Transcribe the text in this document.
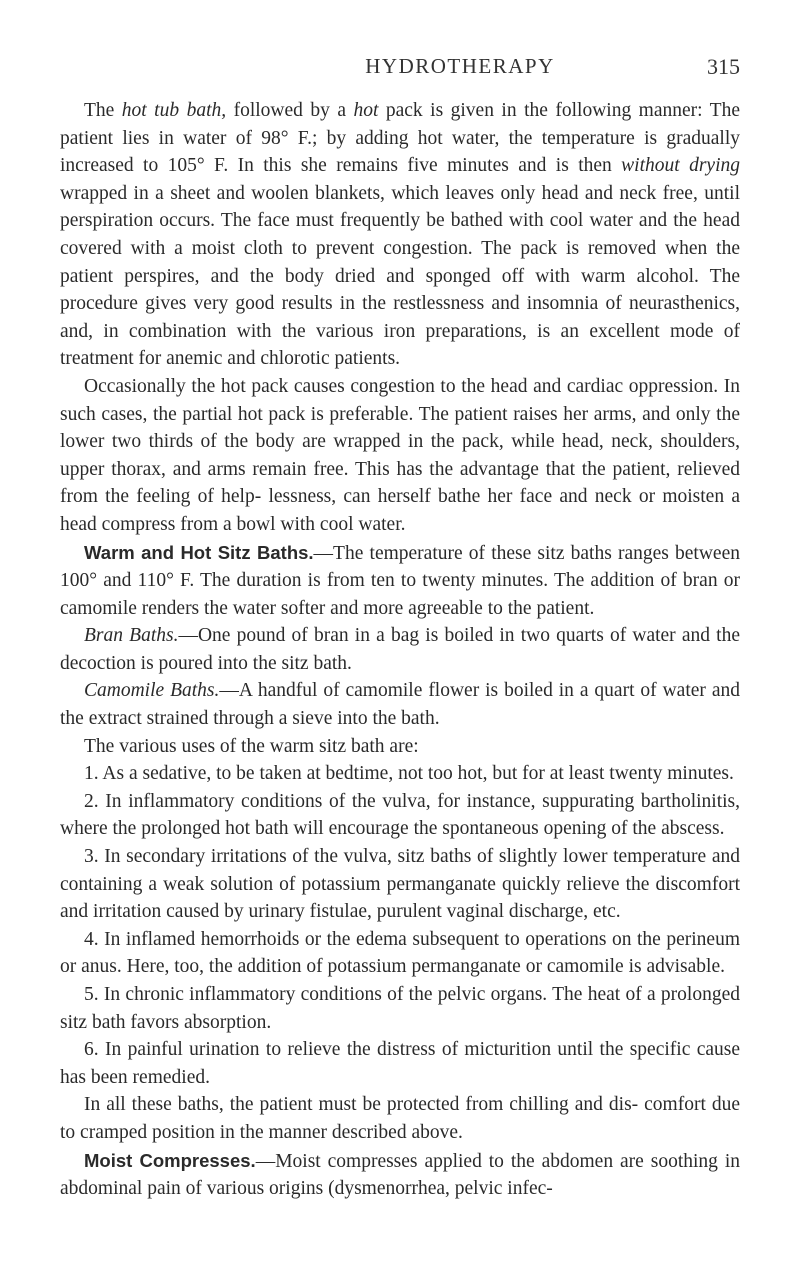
HYDROTHERAPY	315

The hot tub bath, followed by a hot pack is given in the following manner: The patient lies in water of 98° F.; by adding hot water, the temperature is gradually increased to 105° F. In this she remains five minutes and is then without drying wrapped in a sheet and woolen blankets, which leaves only head and neck free, until perspiration occurs. The face must frequently be bathed with cool water and the head covered with a moist cloth to prevent congestion. The pack is removed when the patient perspires, and the body dried and sponged off with warm alcohol. The procedure gives very good results in the restlessness and insomnia of neurasthenics, and, in combination with the various iron preparations, is an excellent mode of treatment for anemic and chlorotic patients.

Occasionally the hot pack causes congestion to the head and cardiac oppression. In such cases, the partial hot pack is preferable. The patient raises her arms, and only the lower two thirds of the body are wrapped in the pack, while head, neck, shoulders, upper thorax, and arms remain free. This has the advantage that the patient, relieved from the feeling of help- lessness, can herself bathe her face and neck or moisten a head compress from a bowl with cool water.

Warm and Hot Sitz Baths.—The temperature of these sitz baths ranges between 100° and 110° F. The duration is from ten to twenty minutes. The addition of bran or camomile renders the water softer and more agreeable to the patient.

Bran Baths.—One pound of bran in a bag is boiled in two quarts of water and the decoction is poured into the sitz bath.

Camomile Baths.—A handful of camomile flower is boiled in a quart of water and the extract strained through a sieve into the bath.

The various uses of the warm sitz bath are:

1. As a sedative, to be taken at bedtime, not too hot, but for at least twenty minutes.

2. In inflammatory conditions of the vulva, for instance, suppurating bartholinitis, where the prolonged hot bath will encourage the spontaneous opening of the abscess.

3. In secondary irritations of the vulva, sitz baths of slightly lower temperature and containing a weak solution of potassium permanganate quickly relieve the discomfort and irritation caused by urinary fistulae, purulent vaginal discharge, etc.

4. In inflamed hemorrhoids or the edema subsequent to operations on the perineum or anus. Here, too, the addition of potassium permanganate or camomile is advisable.

5. In chronic inflammatory conditions of the pelvic organs. The heat of a prolonged sitz bath favors absorption.

6. In painful urination to relieve the distress of micturition until the specific cause has been remedied.

In all these baths, the patient must be protected from chilling and dis- comfort due to cramped position in the manner described above.

Moist Compresses.—Moist compresses applied to the abdomen are soothing in abdominal pain of various origins (dysmenorrhea, pelvic infec-
